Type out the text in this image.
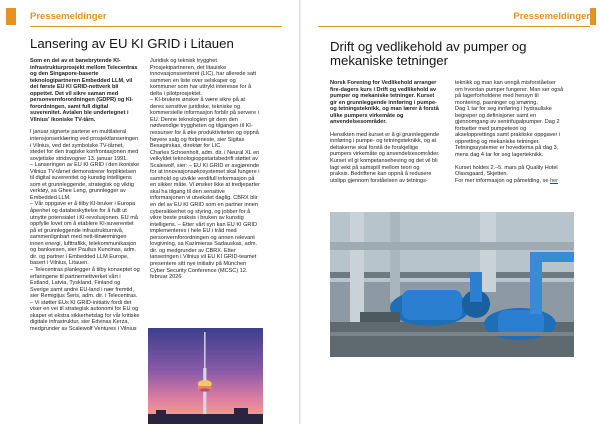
Pressemeldinger
Lansering av EU KI GRID i Litauen

Som en del av et banebrytende KI-infrastrukturprosjekt mellom Telecentras og den Singapore-baserte teknologipartneren Embedded LLM, vil det første EU KI GRID-nettverk bli oppettet. Det vil sikre saman med personvernforordningen (GDPR) og KI-forordningen, samt full digital suverenitet. Avtalen ble undertegnet i Vilnius' ikoniske TV-tårn.

I januar signerte partene en multilateral intensjonserklæring ved prosjektlanseringen i Vilnius, ved det symbolske TV-tårnet, stedet for den tragiske konfrontasjonen med sovjetiske stridsvogner 13. januar 1991.

– Lanseringen av EU KI GRID i den ikoniske Vilnius TV-tårnet demonstrerer forpliktelsen til digital suverenitet og kunstig intelligens som et grunnleggende, strategisk og viktig verktøy, sa Ghee Leng, grunnlegger av Embedded LLM.

– Vår oppgave er å tilby KI-bruker i Europa åpenhet og databeskyttelse for å fullt ut utnytte potensialet i KI-revolusjonen. EU må oppfylle lovet om å etablere KI-suverenitet på et grunnleggende infrastrukturnivå, sammenlignbart med nett-tilnærmingen innen energi, lufttrafikk, telekommunikasjon og bankvesen, sier Paulius Kuncinas, adm. dir. og partner i Embedded LLM Europe, basert i Vilnius, Litauen.

– Telecentras planlegger å tilby konseptet og erfaringene til partnernettverket vårt i Estland, Latvia, Tyskland, Finland og Sverige samt andre EU-land i nær fremtid, sier Remigijus Šeris, adm. dir. i Telecentras.

– Vi støtter EUs KI GRID-initiativ fordi det viser en vei til strategisk autonomi for EU og skaper et ekstra sikkerhetslag for vår kritiske digitale infrastruktur, sier Edvinas Kerza, medgrunder av Scalewolf Ventures i Vilnius

Juridisk og teknisk trygghet

Prosjektpartneren, det litauiske innovasjonssenteret (LIC), har allerede satt sammen en liste over selskaper og kommuner som har uttrykt interesse for å delta i pilotprosjektet.

– KI-brukere ønsker å være sikre på at deres sensitive juridiske, tekniske og kommersielle informasjon forblir på servere i EU. Denne teknologien gir dem den nødvendige tryggheten og tilgangen til KI-ressurser for å øke produktiviteten og oppnå høyere salg og fortjeneste, sier Sigitas Besagirskas, direktør for LIC.

Charles Schoenholt, adm. dir. i Neural XL en velkyldet teknologioppstartsbedrift støttet av Scalewolf, sier: – EU KI GRID er avgjørende for at innovasjonsøkosystemet skal fungere i samhold og utvikle verdifull informasjon på en sikker måte. Vi ønsker ikke at tredjeparter skal ha tilgang til den sensitive informasjonen vi utvekslet daglig. CBRX blir en del av EU KI GRID som en partner innen cybersikkerhet og styring, og jobber for å vikre beste praksis i bruken av kunstig intelligens. – Etter vårt syn kan EU KI GRID implementeres i hele EU i tråd med personvernforordningen og annen relevant lovgivning, sa Kazimieras Sadauskas, adm. dir. og medgrunder av CBRX. Etter lanseringen i Vilnius vil EU KI GRID-teamet presentere sitt nye initiativ på München Cyber Security Conference (MCSC) 12. februar 2026

Pressemeldinger
Drift og vedlikehold av pumper og mekaniske tetninger

Norsk Forening for Vedlikehold arranger fire-dagers kurs i Drift og vedlikehold av pumper og mekaniske tetninger. Kurset gir en grunnleggende innføring i pumpe- og tetningsteknikk, og man lærer å forstå ulike pumpers virkemåte og anvendelsesområder.

Hensikten med kurset er å gi grunnleggende innføring i pumpe- og tetningsteknikk, og at deltakerne skal forstå de forskjellige pumpers virkemåte og anvendelsesområder. Kurset vil gi kompetanseheving og det vil bli lagt vekt på samspill mellom teori og praksis. Bedriftene kan oppnå å redusere utslipp gjennom forståelsen av tetnings-

teknikk og man kan unngå misforståelser om hvordan pumper fungerer. Man ser også på lagerforholdene med hensyn til montering, pasninger og smøring.

Dag 1 tar for seg innføring i hydrauliske begreper og definisjoner samt en gjennomgang av sentrifugalpumper. Dag 2 fortsetter med pumpeteori og akselopprettings samt praktiske oppgaver i oppretting og mekaniske tetninger. Tetningssystemer er hovedtema på dag 3, mens dag 4 tar for seg lagerteknikk.

Kurset holdes 2.–5. mars på Quality Hotel Olavsgaard, Skjetten.

For mer informasjon og påmelding, se her
